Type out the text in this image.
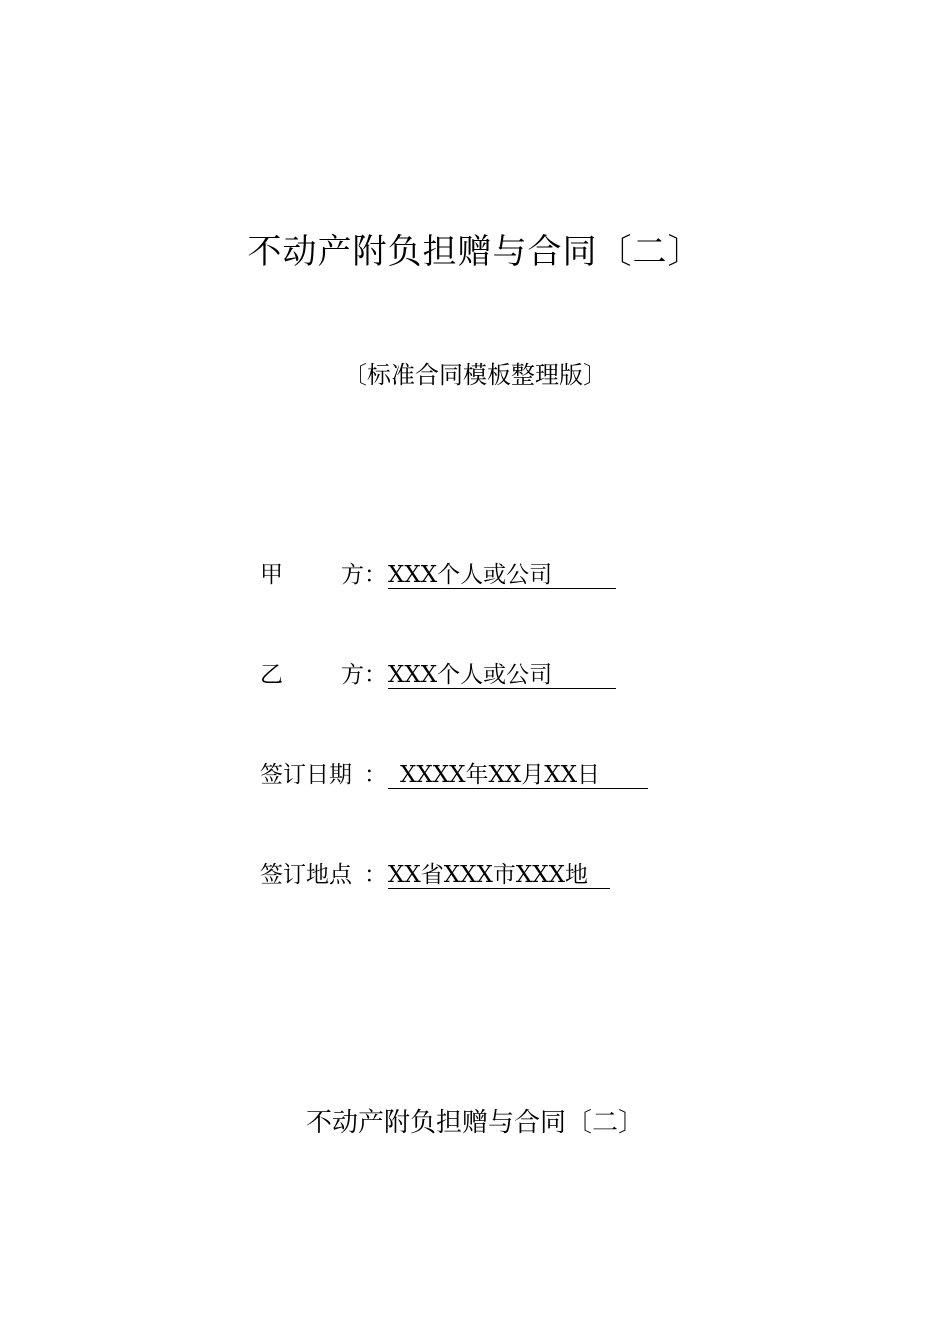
不动产附负担赠与合同〔二〕
〔标准合同模板整理版〕
甲	方 ：XXX个人或公司
乙	方 ：XXX个人或公司
签订日期 ： XXXX年XX月XX日
签订地点 ：XX省XXX市XXX地
不动产附负担赠与合同〔二〕
